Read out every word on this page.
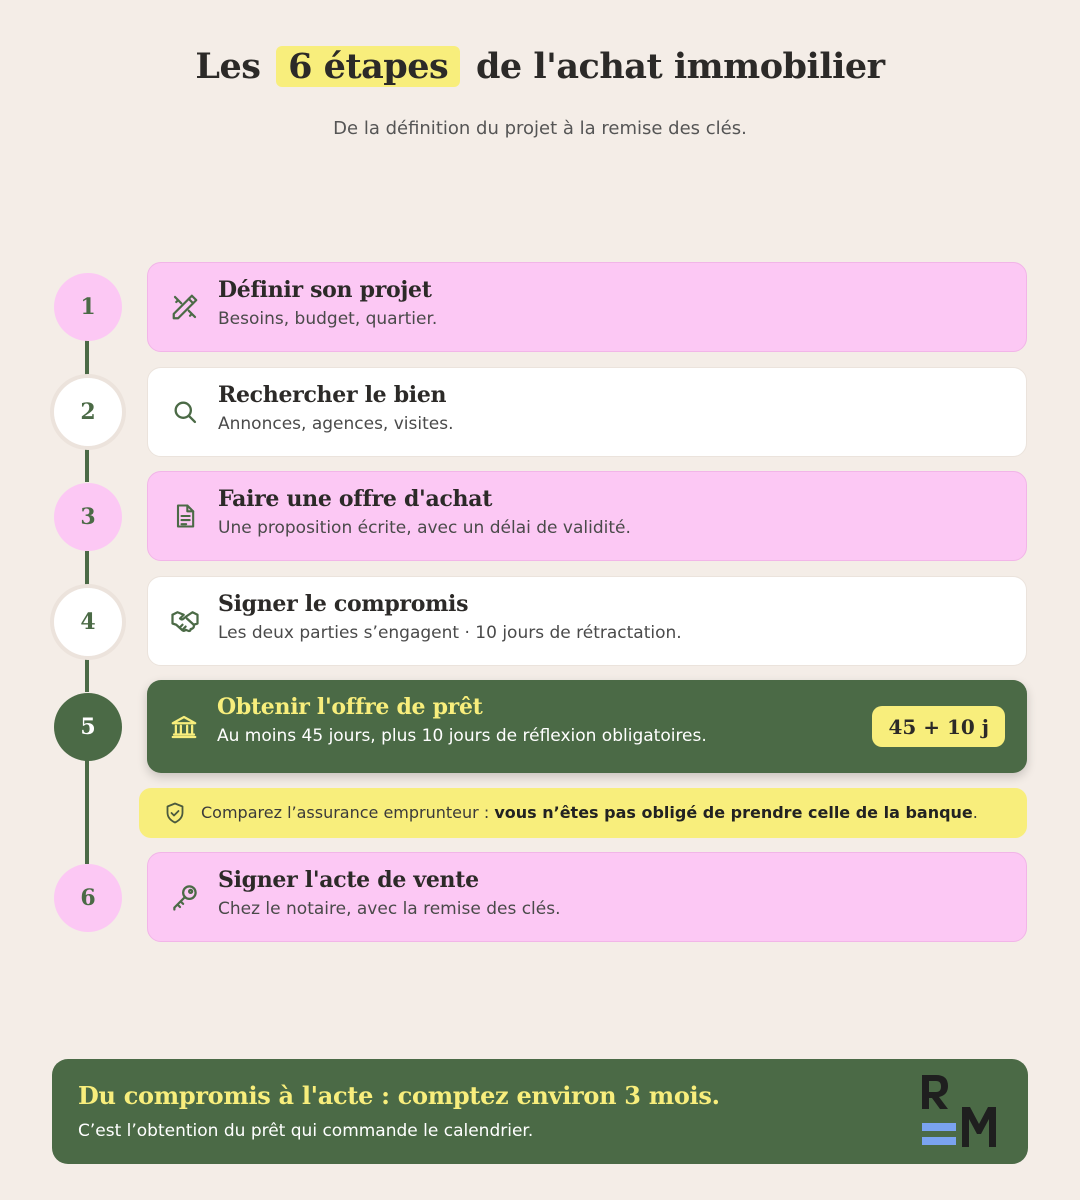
Les 6 étapes de l'achat immobilier
De la définition du projet à la remise des clés.
1
Définir son projet
Besoins, budget, quartier.
2
Rechercher le bien
Annonces, agences, visites.
3
Faire une offre d'achat
Une proposition écrite, avec un délai de validité.
4
Signer le compromis
Les deux parties s’engagent · 10 jours de rétractation.
5
Obtenir l'offre de prêt
Au moins 45 jours, plus 10 jours de réflexion obligatoires.	45 + 10 j
Comparez l’assurance emprunteur : vous n’êtes pas obligé de prendre celle de la banque.
6
Signer l'acte de vente
Chez le notaire, avec la remise des clés.
Du compromis à l'acte : comptez environ 3 mois.
C’est l’obtention du prêt qui commande le calendrier.
